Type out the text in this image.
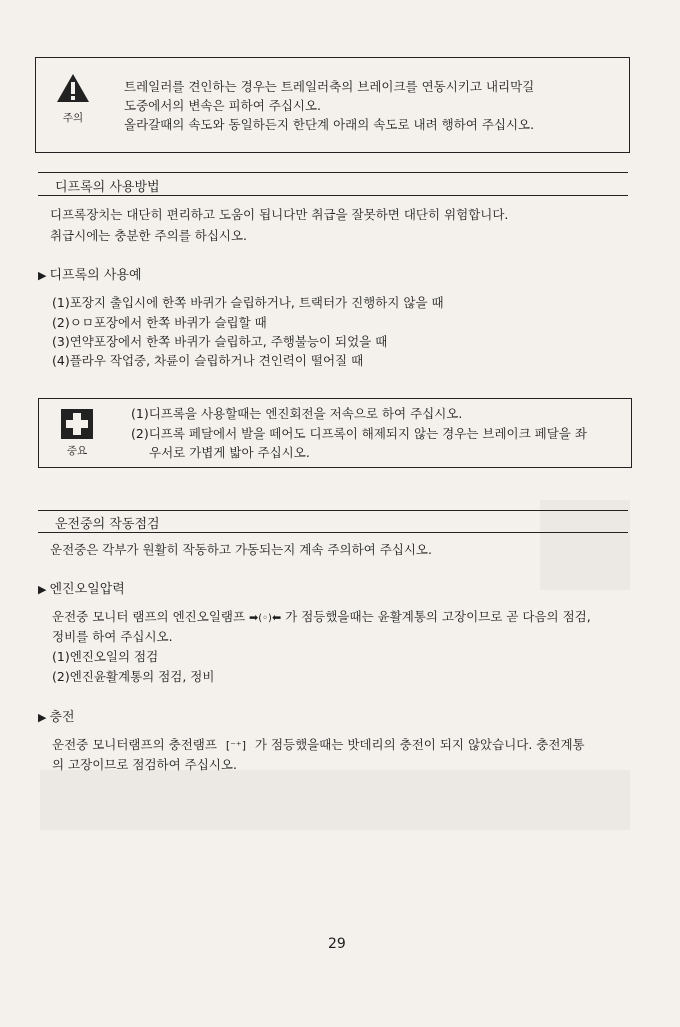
주의
트레일러를 견인하는 경우는 트레일러축의 브레이크를 연동시키고 내리막길
도중에서의 변속은 피하여 주십시오.
올라갈때의 속도와 동일하든지 한단계 아래의 속도로 내려 행하여 주십시오.
디프록의 사용방법
디프록장치는 대단히 편리하고 도움이 됩니다만 취급을 잘못하면 대단히 위험합니다.
취급시에는 충분한 주의를 하십시오.
▶ 디프록의 사용예
(1)포장지 출입시에 한쪽 바퀴가 슬립하거나, 트랙터가 진행하지 않을 때
(2)ㅇㅁ포장에서 한쪽 바퀴가 슬립할 때
(3)연약포장에서 한쪽 바퀴가 슬립하고, 주행불능이 되었을 때
(4)플라우 작업중, 차륜이 슬립하거나 견인력이 떨어질 때
중요
(1)디프록을 사용할때는 엔진회전을 저속으로 하여 주십시오.
(2)디프록 페달에서 발을 떼어도 디프록이 해제되지 않는 경우는 브레이크 페달을 좌
우서로 가볍게 밟아 주십시오.
운전중의 작동점검
운전중은 각부가 원활히 작동하고 가동되는지 계속 주의하여 주십시오.
▶ 엔진오일압력
운전중 모니터 램프의 엔진오일램프 ➡(◦)⬅ 가 점등했을때는 윤활계통의 고장이므로 곧 다음의 점검,
정비를 하여 주십시오.
(1)엔진오일의 점검
(2)엔진윤활계통의 점검, 정비
▶ 충전
운전중 모니터램프의 충전램프 [⁻⁺] 가 점등했을때는 밧데리의 충전이 되지 않았습니다. 충전계통
의 고장이므로 점검하여 주십시오.
29
